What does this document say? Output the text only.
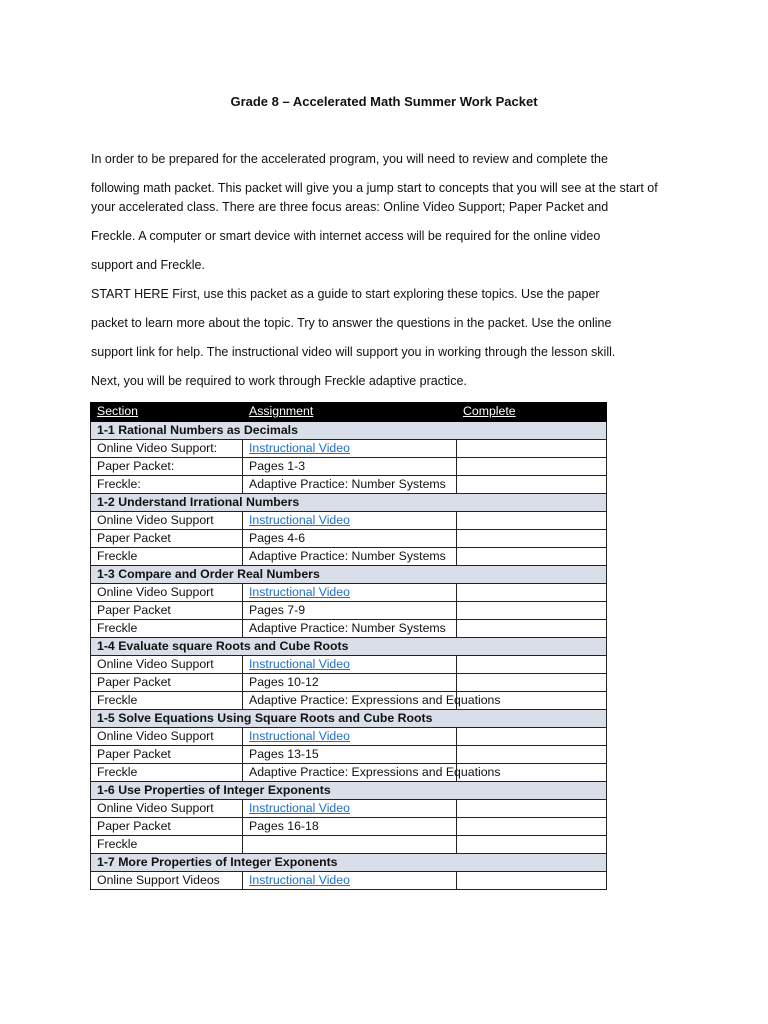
Grade 8 – Accelerated Math Summer Work Packet
In order to be prepared for the accelerated program, you will need to review and complete the
following math packet. This packet will give you a jump start to concepts that you will see at the start of
your accelerated class. There are three focus areas: Online Video Support; Paper Packet and
Freckle. A computer or smart device with internet access will be required for the online video
support and Freckle.
START HERE First, use this packet as a guide to start exploring these topics. Use the paper
packet to learn more about the topic. Try to answer the questions in the packet. Use the online
support link for help. The instructional video will support you in working through the lesson skill.
Next, you will be required to work through Freckle adaptive practice.
Section	Assignment	Complete
1-1 Rational Numbers as Decimals		
Online Video Support:	Instructional Video	
Paper Packet:	Pages 1-3	
Freckle:	Adaptive Practice: Number Systems	
1-2 Understand Irrational Numbers		
Online Video Support	Instructional Video	
Paper Packet	Pages 4-6	
Freckle	Adaptive Practice: Number Systems	
1-3 Compare and Order Real Numbers		
Online Video Support	Instructional Video	
Paper Packet	Pages 7-9	
Freckle	Adaptive Practice: Number Systems	
1-4 Evaluate square Roots and Cube Roots		
Online Video Support	Instructional Video	
Paper Packet	Pages 10-12	
Freckle	Adaptive Practice: Expressions and Equations	
1-5 Solve Equations Using Square Roots and Cube Roots		
Online Video Support	Instructional Video	
Paper Packet	Pages 13-15	
Freckle	Adaptive Practice: Expressions and Equations	
1-6 Use Properties of Integer Exponents		
Online Video Support	Instructional Video	
Paper Packet	Pages 16-18	
Freckle		
1-7 More Properties of Integer Exponents		
Online Support Videos	Instructional Video	
